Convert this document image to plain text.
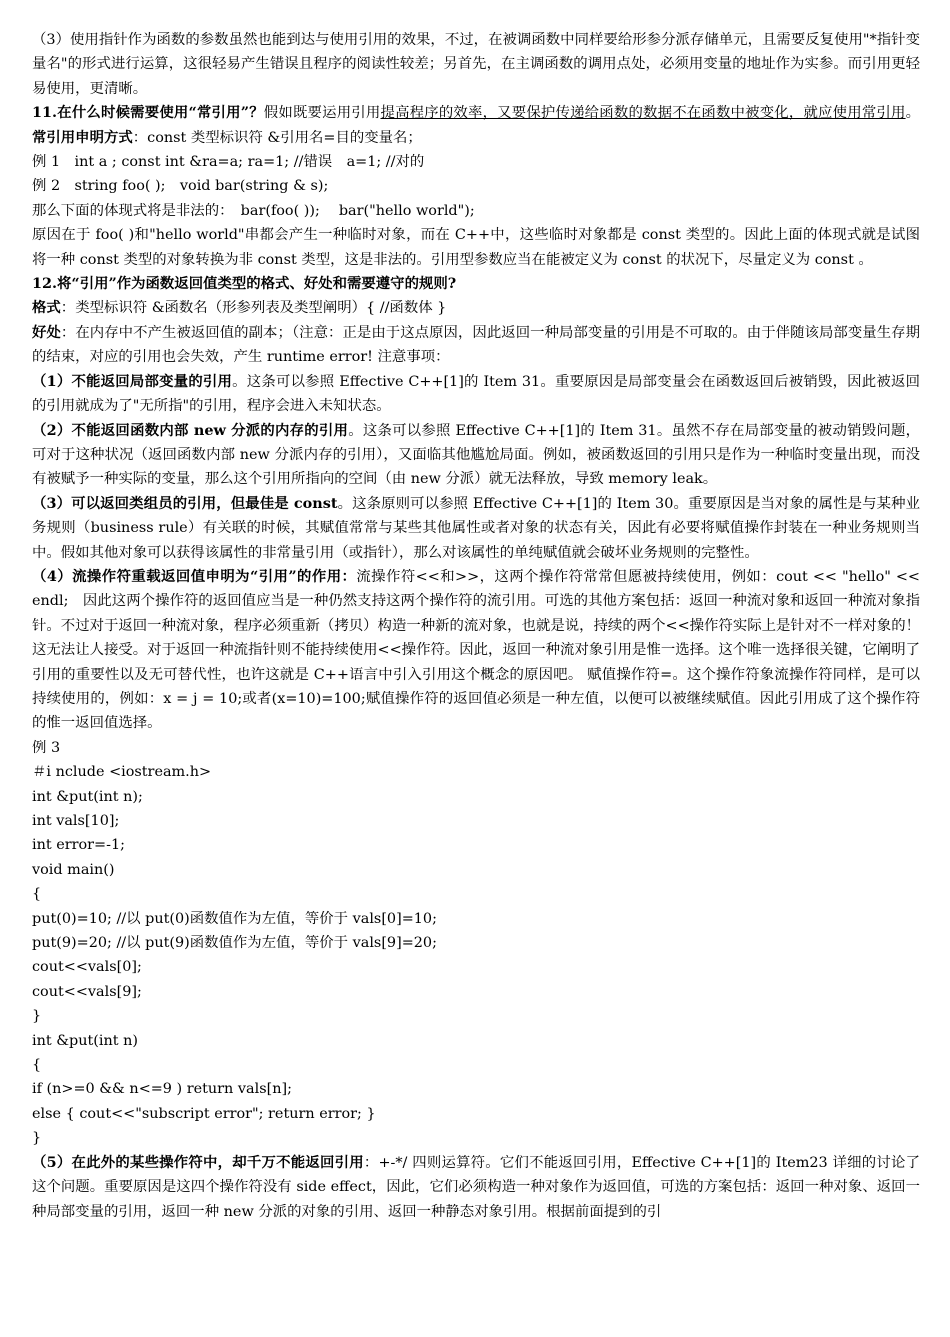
（3）使用指针作为函数的参数虽然也能到达与使用引用的效果，不过，在被调函数中同样要给形参分派存储单元，且需要反复使用"*指针变量名"的形式进行运算，这很轻易产生错误且程序的阅读性较差；另首先，在主调函数的调用点处，必须用变量的地址作为实参。而引用更轻易使用，更清晰。

11.在什么时候需要使用“常引用”？假如既要运用引用提高程序的效率，又要保护传递给函数的数据不在函数中被变化，就应使用常引用。常引用申明方式：const 类型标识符 &引用名=目的变量名；

例 1　int a ; const int &ra=a; ra=1; //错误　a=1; //对的

例 2　string foo( );　void bar(string & s);

那么下面的体现式将是非法的：　bar(foo( ));　 bar("hello world");

原因在于 foo( )和"hello world"串都会产生一种临时对象，而在 C++中，这些临时对象都是 const 类型的。因此上面的体现式就是试图将一种 const 类型的对象转换为非 const 类型，这是非法的。引用型参数应当在能被定义为 const 的状况下，尽量定义为 const 。

12.将“引用”作为函数返回值类型的格式、好处和需要遵守的规则?

格式：类型标识符 &函数名（形参列表及类型阐明）{ //函数体 }

好处：在内存中不产生被返回值的副本；（注意：正是由于这点原因，因此返回一种局部变量的引用是不可取的。由于伴随该局部变量生存期的结束，对应的引用也会失效，产生 runtime error! 注意事项：

（1）不能返回局部变量的引用。这条可以参照 Effective C++[1]的 Item 31。重要原因是局部变量会在函数返回后被销毁，因此被返回的引用就成为了"无所指"的引用，程序会进入未知状态。

（2）不能返回函数内部 new 分派的内存的引用。这条可以参照 Effective C++[1]的 Item 31。虽然不存在局部变量的被动销毁问题，可对于这种状况（返回函数内部 new 分派内存的引用），又面临其他尴尬局面。例如，被函数返回的引用只是作为一种临时变量出现，而没有被赋予一种实际的变量，那么这个引用所指向的空间（由 new 分派）就无法释放，导致 memory leak。

（3）可以返回类组员的引用，但最佳是 const。这条原则可以参照 Effective C++[1]的 Item 30。重要原因是当对象的属性是与某种业务规则（business rule）有关联的时候，其赋值常常与某些其他属性或者对象的状态有关，因此有必要将赋值操作封装在一种业务规则当中。假如其他对象可以获得该属性的非常量引用（或指针），那么对该属性的单纯赋值就会破坏业务规则的完整性。

（4）流操作符重载返回值申明为“引用”的作用：流操作符<<和>>，这两个操作符常常但愿被持续使用，例如：cout << "hello" << endl;　因此这两个操作符的返回值应当是一种仍然支持这两个操作符的流引用。可选的其他方案包括：返回一种流对象和返回一种流对象指针。不过对于返回一种流对象，程序必须重新（拷贝）构造一种新的流对象，也就是说，持续的两个<<操作符实际上是针对不一样对象的！这无法让人接受。对于返回一种流指针则不能持续使用<<操作符。因此，返回一种流对象引用是惟一选择。这个唯一选择很关键，它阐明了引用的重要性以及无可替代性，也许这就是 C++语言中引入引用这个概念的原因吧。 赋值操作符=。这个操作符象流操作符同样，是可以持续使用的，例如：x = j = 10;或者(x=10)=100;赋值操作符的返回值必须是一种左值，以便可以被继续赋值。因此引用成了这个操作符的惟一返回值选择。

例 3

＃i nclude <iostream.h>

int &put(int n);

int vals[10];

int error=-1;

void main()

{

put(0)=10; //以 put(0)函数值作为左值，等价于 vals[0]=10;

put(9)=20; //以 put(9)函数值作为左值，等价于 vals[9]=20;

cout<<vals[0];

cout<<vals[9];

}

int &put(int n)

{

if (n>=0 && n<=9 ) return vals[n];

else { cout<<"subscript error"; return error; }

}

（5）在此外的某些操作符中，却千万不能返回引用：+-*/ 四则运算符。它们不能返回引用，Effective C++[1]的 Item23 详细的讨论了这个问题。重要原因是这四个操作符没有 side effect，因此，它们必须构造一种对象作为返回值，可选的方案包括：返回一种对象、返回一种局部变量的引用，返回一种 new 分派的对象的引用、返回一种静态对象引用。根据前面提到的引
